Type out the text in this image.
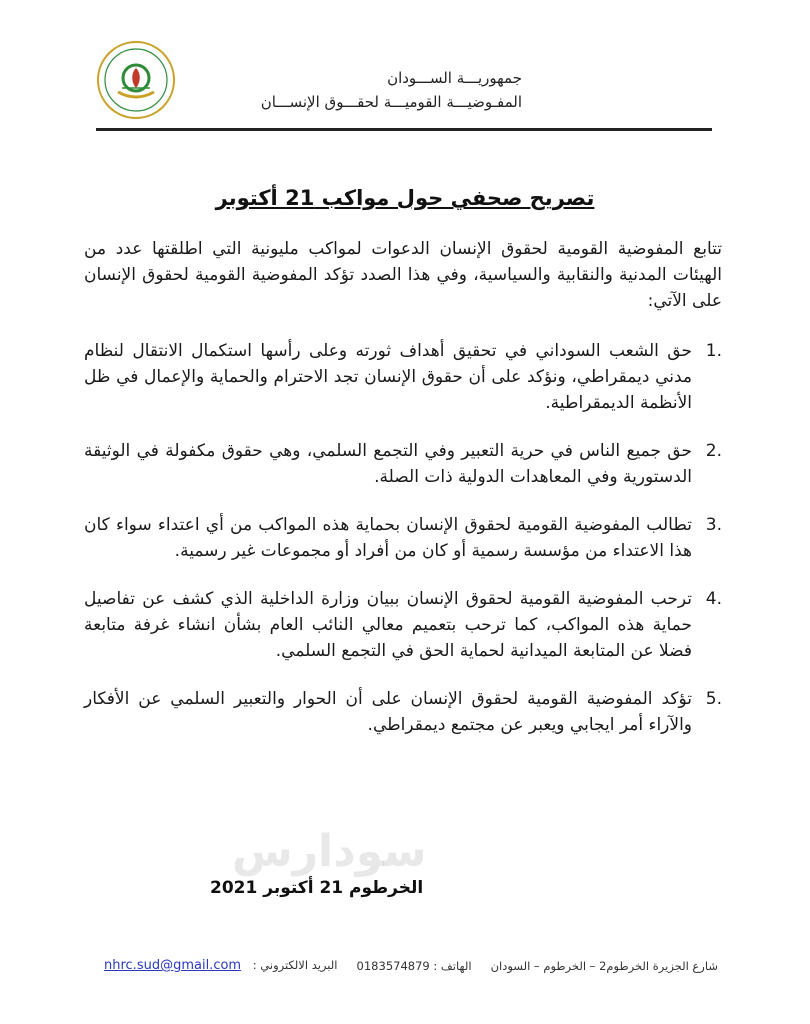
جمهوريـــة الســـودان
المفـوضيـــة القوميـــة لحقـــوق الإنســـان
تصريح صحفي حول مواكب 21 أكتوبر

تتابع المفوضية القومية لحقوق الإنسان الدعوات لمواكب مليونية التي اطلقتها عدد من الهيئات المدنية والنقابية والسياسية، وفي هذا الصدد تؤكد المفوضية القومية لحقوق الإنسان على الآتي:

1.
حق الشعب السوداني في تحقيق أهداف ثورته وعلى رأسها استكمال الانتقال لنظام مدني ديمقراطي، ونؤكد على أن حقوق الإنسان تجد الاحترام والحماية والإعمال في ظل الأنظمة الديمقراطية.
2.
حق جميع الناس في حرية التعبير وفي التجمع السلمي، وهي حقوق مكفولة في الوثيقة الدستورية وفي المعاهدات الدولية ذات الصلة.
3.
تطالب المفوضية القومية لحقوق الإنسان بحماية هذه المواكب من أي اعتداء سواء كان هذا الاعتداء من مؤسسة رسمية أو كان من أفراد أو مجموعات غير رسمية.
4.
ترحب المفوضية القومية لحقوق الإنسان ببيان وزارة الداخلية الذي كشف عن تفاصيل حماية هذه المواكب، كما ترحب بتعميم معالي النائب العام بشأن انشاء غرفة متابعة فضلا عن المتابعة الميدانية لحماية الحق في التجمع السلمي.
5.
تؤكد المفوضية القومية لحقوق الإنسان على أن الحوار والتعبير السلمي عن الأفكار والآراء أمر ايجابي ويعبر عن مجتمع ديمقراطي.
سودارس
الخرطوم 21 أكتوبر 2021
شارع الجزيرة الخرطوم2 – الخرطوم – السودان
الهاتف : 0183574879
البريد الالكتروني : nhrc.sud@gmail.com
